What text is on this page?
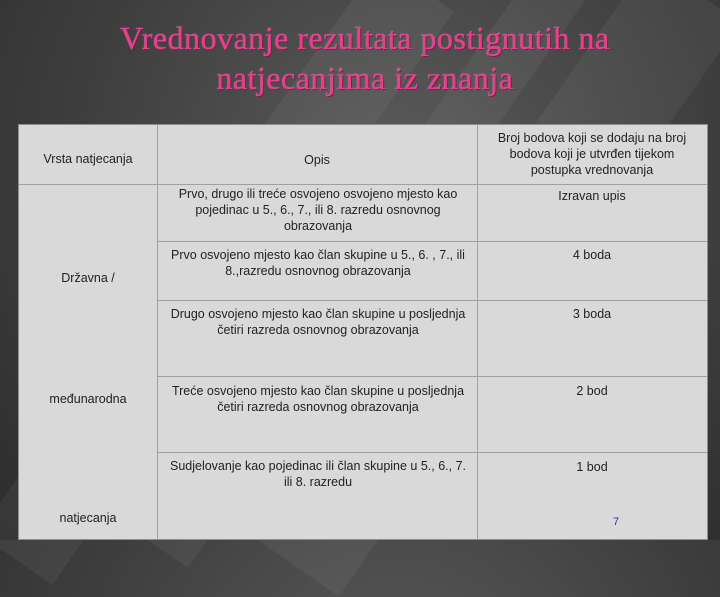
Vrednovanje rezultata postignutih na natjecanjima iz znanja
Vrsta natjecanja	Opis
Broj bodova koji se dodaju na broj bodova koji je utvrđen tijekom postupka vrednovanja
Državna /
međunarodna
natjecanja
Prvo, drugo ili treće osvojeno osvojeno mjesto kao pojedinac u 5., 6., 7., ili 8. razredu osnovnog obrazovanja
Izravan upis
Prvo osvojeno mjesto kao član skupine u 5., 6. , 7., ili 8.,razredu osnovnog obrazovanja
4 boda
Drugo osvojeno mjesto kao član skupine u posljednja četiri razreda osnovnog obrazovanja
3 boda
Treće osvojeno mjesto kao član skupine u posljednja četiri razreda osnovnog obrazovanja
2 bod
Sudjelovanje kao pojedinac ili član skupine u 5., 6., 7. ili 8. razredu
1 bod
7
